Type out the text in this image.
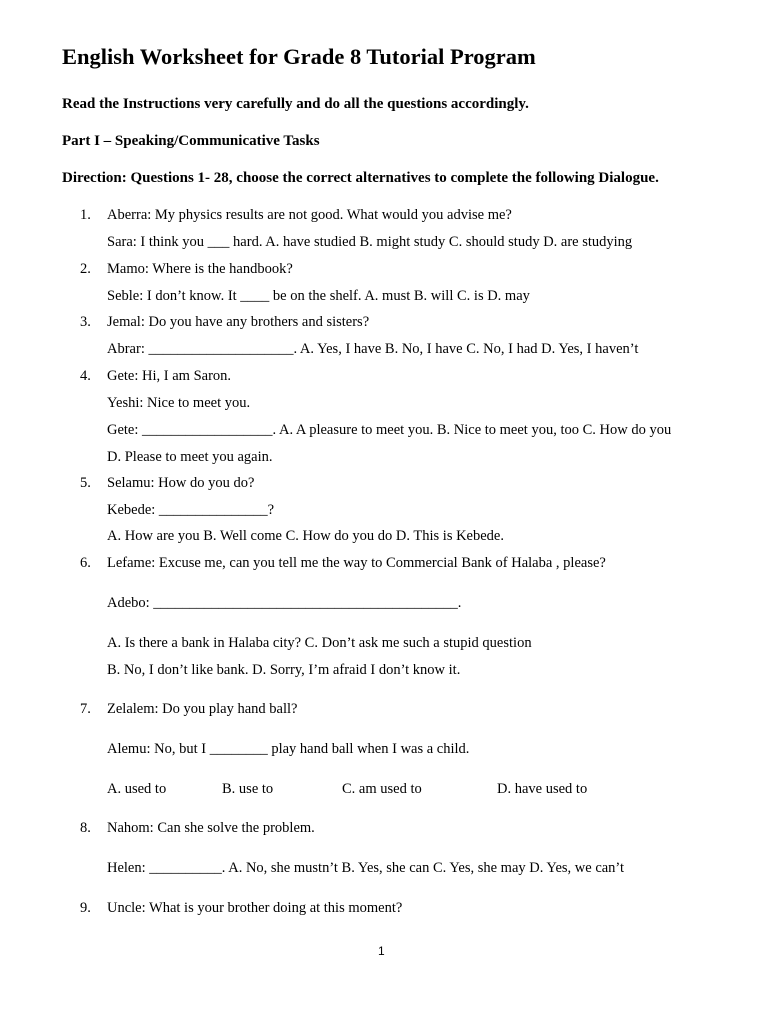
English Worksheet for Grade 8 Tutorial Program
Read the Instructions very carefully and do all the questions accordingly.
Part I – Speaking/Communicative Tasks
Direction: Questions 1- 28, choose the correct alternatives to complete the following Dialogue.
1. Aberra: My physics results are not good. What would you advise me?
Sara: I think you ___ hard. A. have studied B. might study C. should study D. are studying
2. Mamo: Where is the handbook?
Seble: I don’t know. It ____ be on the shelf. A. must B. will C. is D. may
3. Jemal: Do you have any brothers and sisters?
Abrar: ____________________. A. Yes, I have B. No, I have C. No, I had D. Yes, I haven’t
4. Gete: Hi, I am Saron.
Yeshi: Nice to meet you.
Gete: __________________. A. A pleasure to meet you. B. Nice to meet you, too C. How do you
D. Please to meet you again.
5. Selamu: How do you do?
Kebede: _______________?
A. How are you B. Well come C. How do you do D. This is Kebede.
6. Lefame: Excuse me, can you tell me the way to Commercial Bank of Halaba , please?
Adebo: __________________________________________.
A. Is there a bank in Halaba city? C. Don’t ask me such a stupid question
B. No, I don’t like bank. D. Sorry, I’m afraid I don’t know it.
7. Zelalem: Do you play hand ball?
Alemu: No, but I ________ play hand ball when I was a child.
A. used to	B. use to	C. am used to	D. have used to
8. Nahom: Can she solve the problem.
Helen: __________. A. No, she mustn’t B. Yes, she can C. Yes, she may D. Yes, we can’t
9. Uncle: What is your brother doing at this moment?
1
